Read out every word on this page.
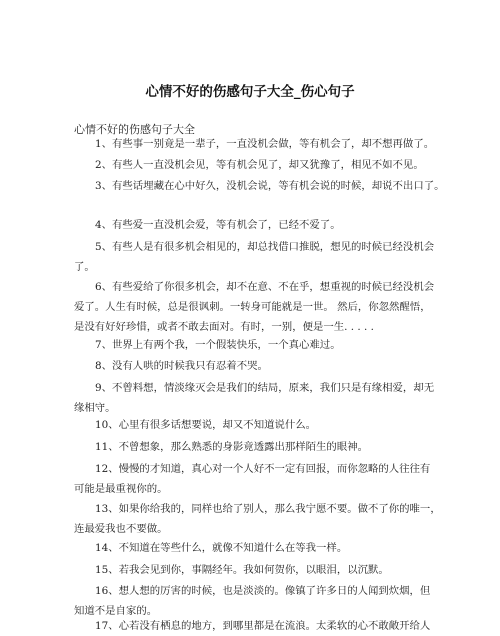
心情不好的伤感句子大全_伤心句子
心情不好的伤感句子大全
1、有些事一别竟是一辈子，一直没机会做，等有机会了，却不想再做了。
2、有些人一直没机会见，等有机会见了，却又犹豫了，相见不如不见。
3、有些话埋藏在心中好久，没机会说，等有机会说的时候，却说不出口了。
4、有些爱一直没机会爱，等有机会了，已经不爱了。
5、有些人是有很多机会相见的，却总找借口推脱，想见的时候已经没机会
了。
6、有些爱给了你很多机会，却不在意、不在乎，想重视的时候已经没机会
爱了。人生有时候，总是很讽刺。一转身可能就是一世。 然后，你忽然醒悟，
是没有好好珍惜，或者不敢去面对。有时，一别，便是一生. . . . .
7、世界上有两个我，一个假装快乐，一个真心难过。
8、没有人哄的时候我只有忍着不哭。
9、不曾料想，情淡缘灭会是我们的结局，原来，我们只是有缘相爱，却无
缘相守。
10、心里有很多话想要说，却又不知道说什么。
11、不曾想象，那么熟悉的身影竟透露出那样陌生的眼神。
12、慢慢的才知道，真心对一个人好不一定有回报，而你忽略的人往往有
可能是最重视你的。
13、如果你给我的，同样也给了别人，那么我宁愿不要。做不了你的唯一，
连最爱我也不要做。
14、不知道在等些什么，就像不知道什么在等我一样。
15、若我会见到你，事隔经年。我如何贺你，以眼泪，以沉默。
16、想人想的厉害的时候，也是淡淡的。像镇了许多日的人闻到炊烟，但
知道不是自家的。
17、心若没有栖息的地方，到哪里都是在流浪。太柔软的心不敢敞开给人
